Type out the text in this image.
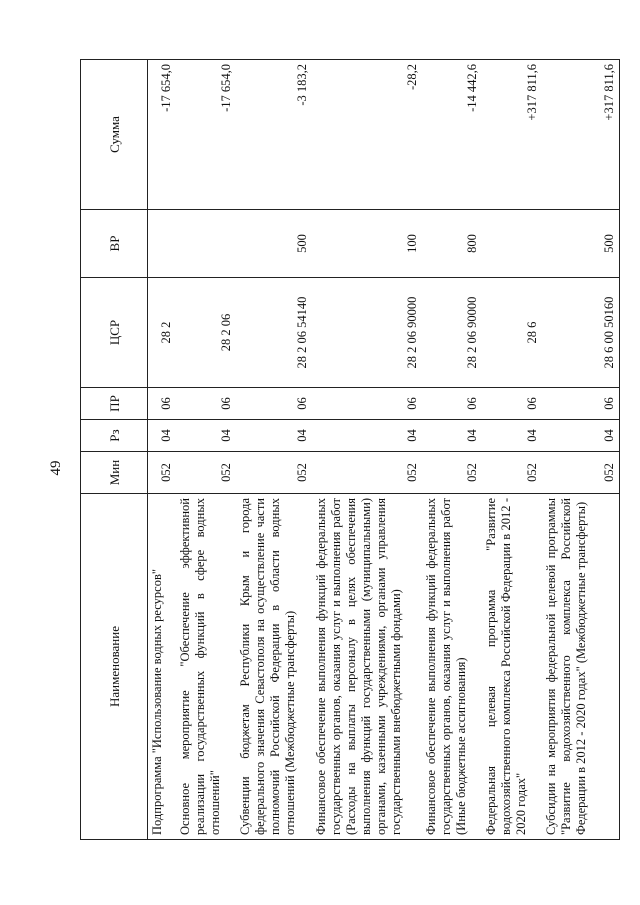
49
Наименование	Мин	Рз	ПР	ЦСР	ВР	Сумма
Подпрограмма "Использование водных ресурсов"	052	04	06	28 2		-17 654,0
Основное мероприятие "Обеспечение эффективной реализации государственных функций в сфере водных отношений"	052	04	06	28 2 06		-17 654,0
Субвенции бюджетам Республики Крым и города федерального значения Севастополя на осуществление части полномочий Российской Федерации в области водных отношений (Межбюджетные трансферты)	052	04	06	28 2 06 54140	500	-3 183,2
Финансовое обеспечение выполнения функций федеральных государственных органов, оказания услуг и выполнения работ (Расходы на выплаты персоналу в целях обеспечения выполнения функций государственными (муниципальными) органами, казенными учреждениями, органами управления государственными внебюджетными фондами)	052	04	06	28 2 06 90000	100	-28,2
Финансовое обеспечение выполнения функций федеральных государственных органов, оказания услуг и выполнения работ (Иные бюджетные ассигнования)	052	04	06	28 2 06 90000	800	-14 442,6
Федеральная целевая программа "Развитие водохозяйственного комплекса Российской Федерации в 2012 - 2020 годах"	052	04	06	28 6		+317 811,6
Субсидии на мероприятия федеральной целевой программы "Развитие водохозяйственного комплекса Российской Федерации в 2012 - 2020 годах" (Межбюджетные трансферты)	052	04	06	28 6 00 50160	500	+317 811,6
